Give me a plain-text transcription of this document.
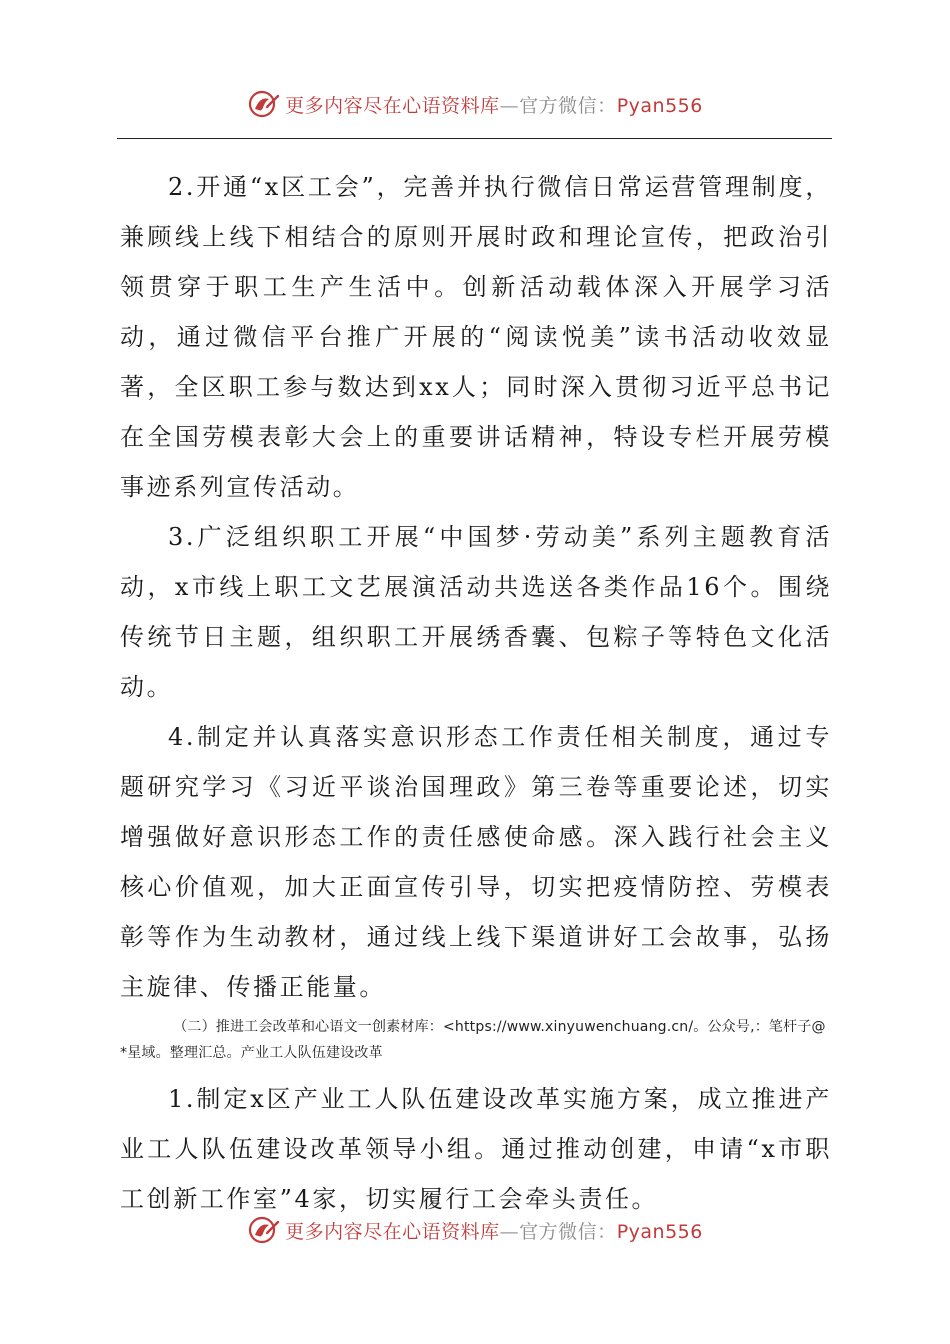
更多内容尽在心语资料库—官方微信：Pyan556

2.开通“x区工会”，完善并执行微信日常运营管理制度，兼顾线上线下相结合的原则开展时政和理论宣传，把政治引领贯穿于职工生产生活中。创新活动载体深入开展学习活动，通过微信平台推广开展的“阅读悦美”读书活动收效显著，全区职工参与数达到xx人；同时深入贯彻习近平总书记在全国劳模表彰大会上的重要讲话精神，特设专栏开展劳模事迹系列宣传活动。

3.广泛组织职工开展“中国梦·劳动美”系列主题教育活动，x市线上职工文艺展演活动共选送各类作品16个。围绕传统节日主题，组织职工开展绣香囊、包粽子等特色文化活动。

4.制定并认真落实意识形态工作责任相关制度，通过专题研究学习《习近平谈治国理政》第三卷等重要论述，切实增强做好意识形态工作的责任感使命感。深入践行社会主义核心价值观，加大正面宣传引导，切实把疫情防控、劳模表彰等作为生动教材，通过线上线下渠道讲好工会故事，弘扬主旋律、传播正能量。

（二）推进工会改革和心语文一创素材库：<https://www.xinyuwenchuang.cn/。公众号,：笔杆子@*星域。整理汇总。产业工人队伍建设改革

1.制定x区产业工人队伍建设改革实施方案，成立推进产业工人队伍建设改革领导小组。通过推动创建，申请“x市职工创新工作室”4家，切实履行工会牵头责任。

更多内容尽在心语资料库—官方微信：Pyan556
